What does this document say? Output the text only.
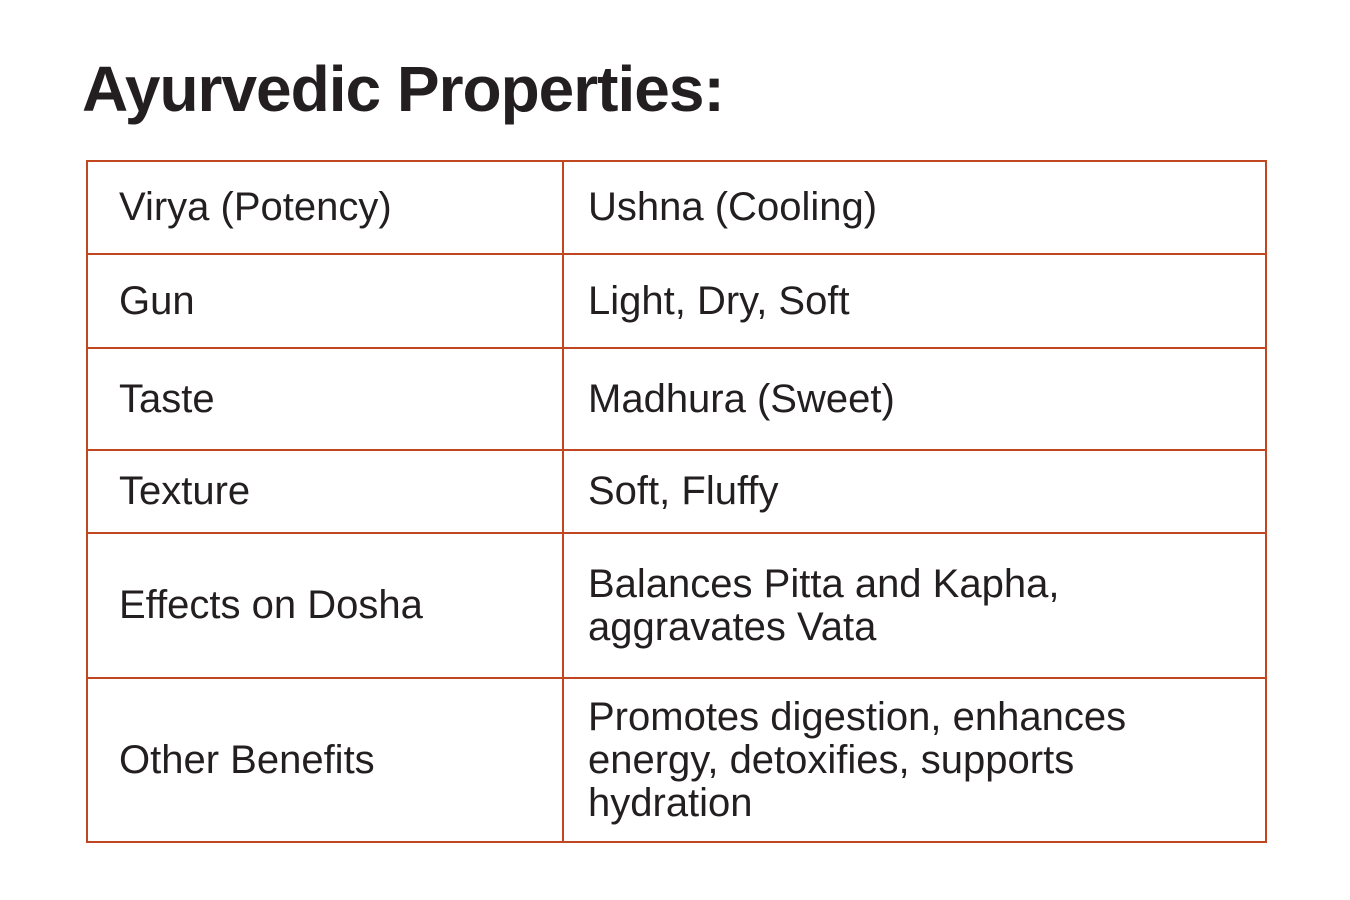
Ayurvedic Properties:
Virya (Potency)	Ushna (Cooling)
Gun	Light, Dry, Soft
Taste	Madhura (Sweet)
Texture	Soft, Fluffy
Effects on Dosha	Balances Pitta and Kapha, aggravates Vata
Other Benefits	Promotes digestion, enhances energy, detoxifies, supports hydration
